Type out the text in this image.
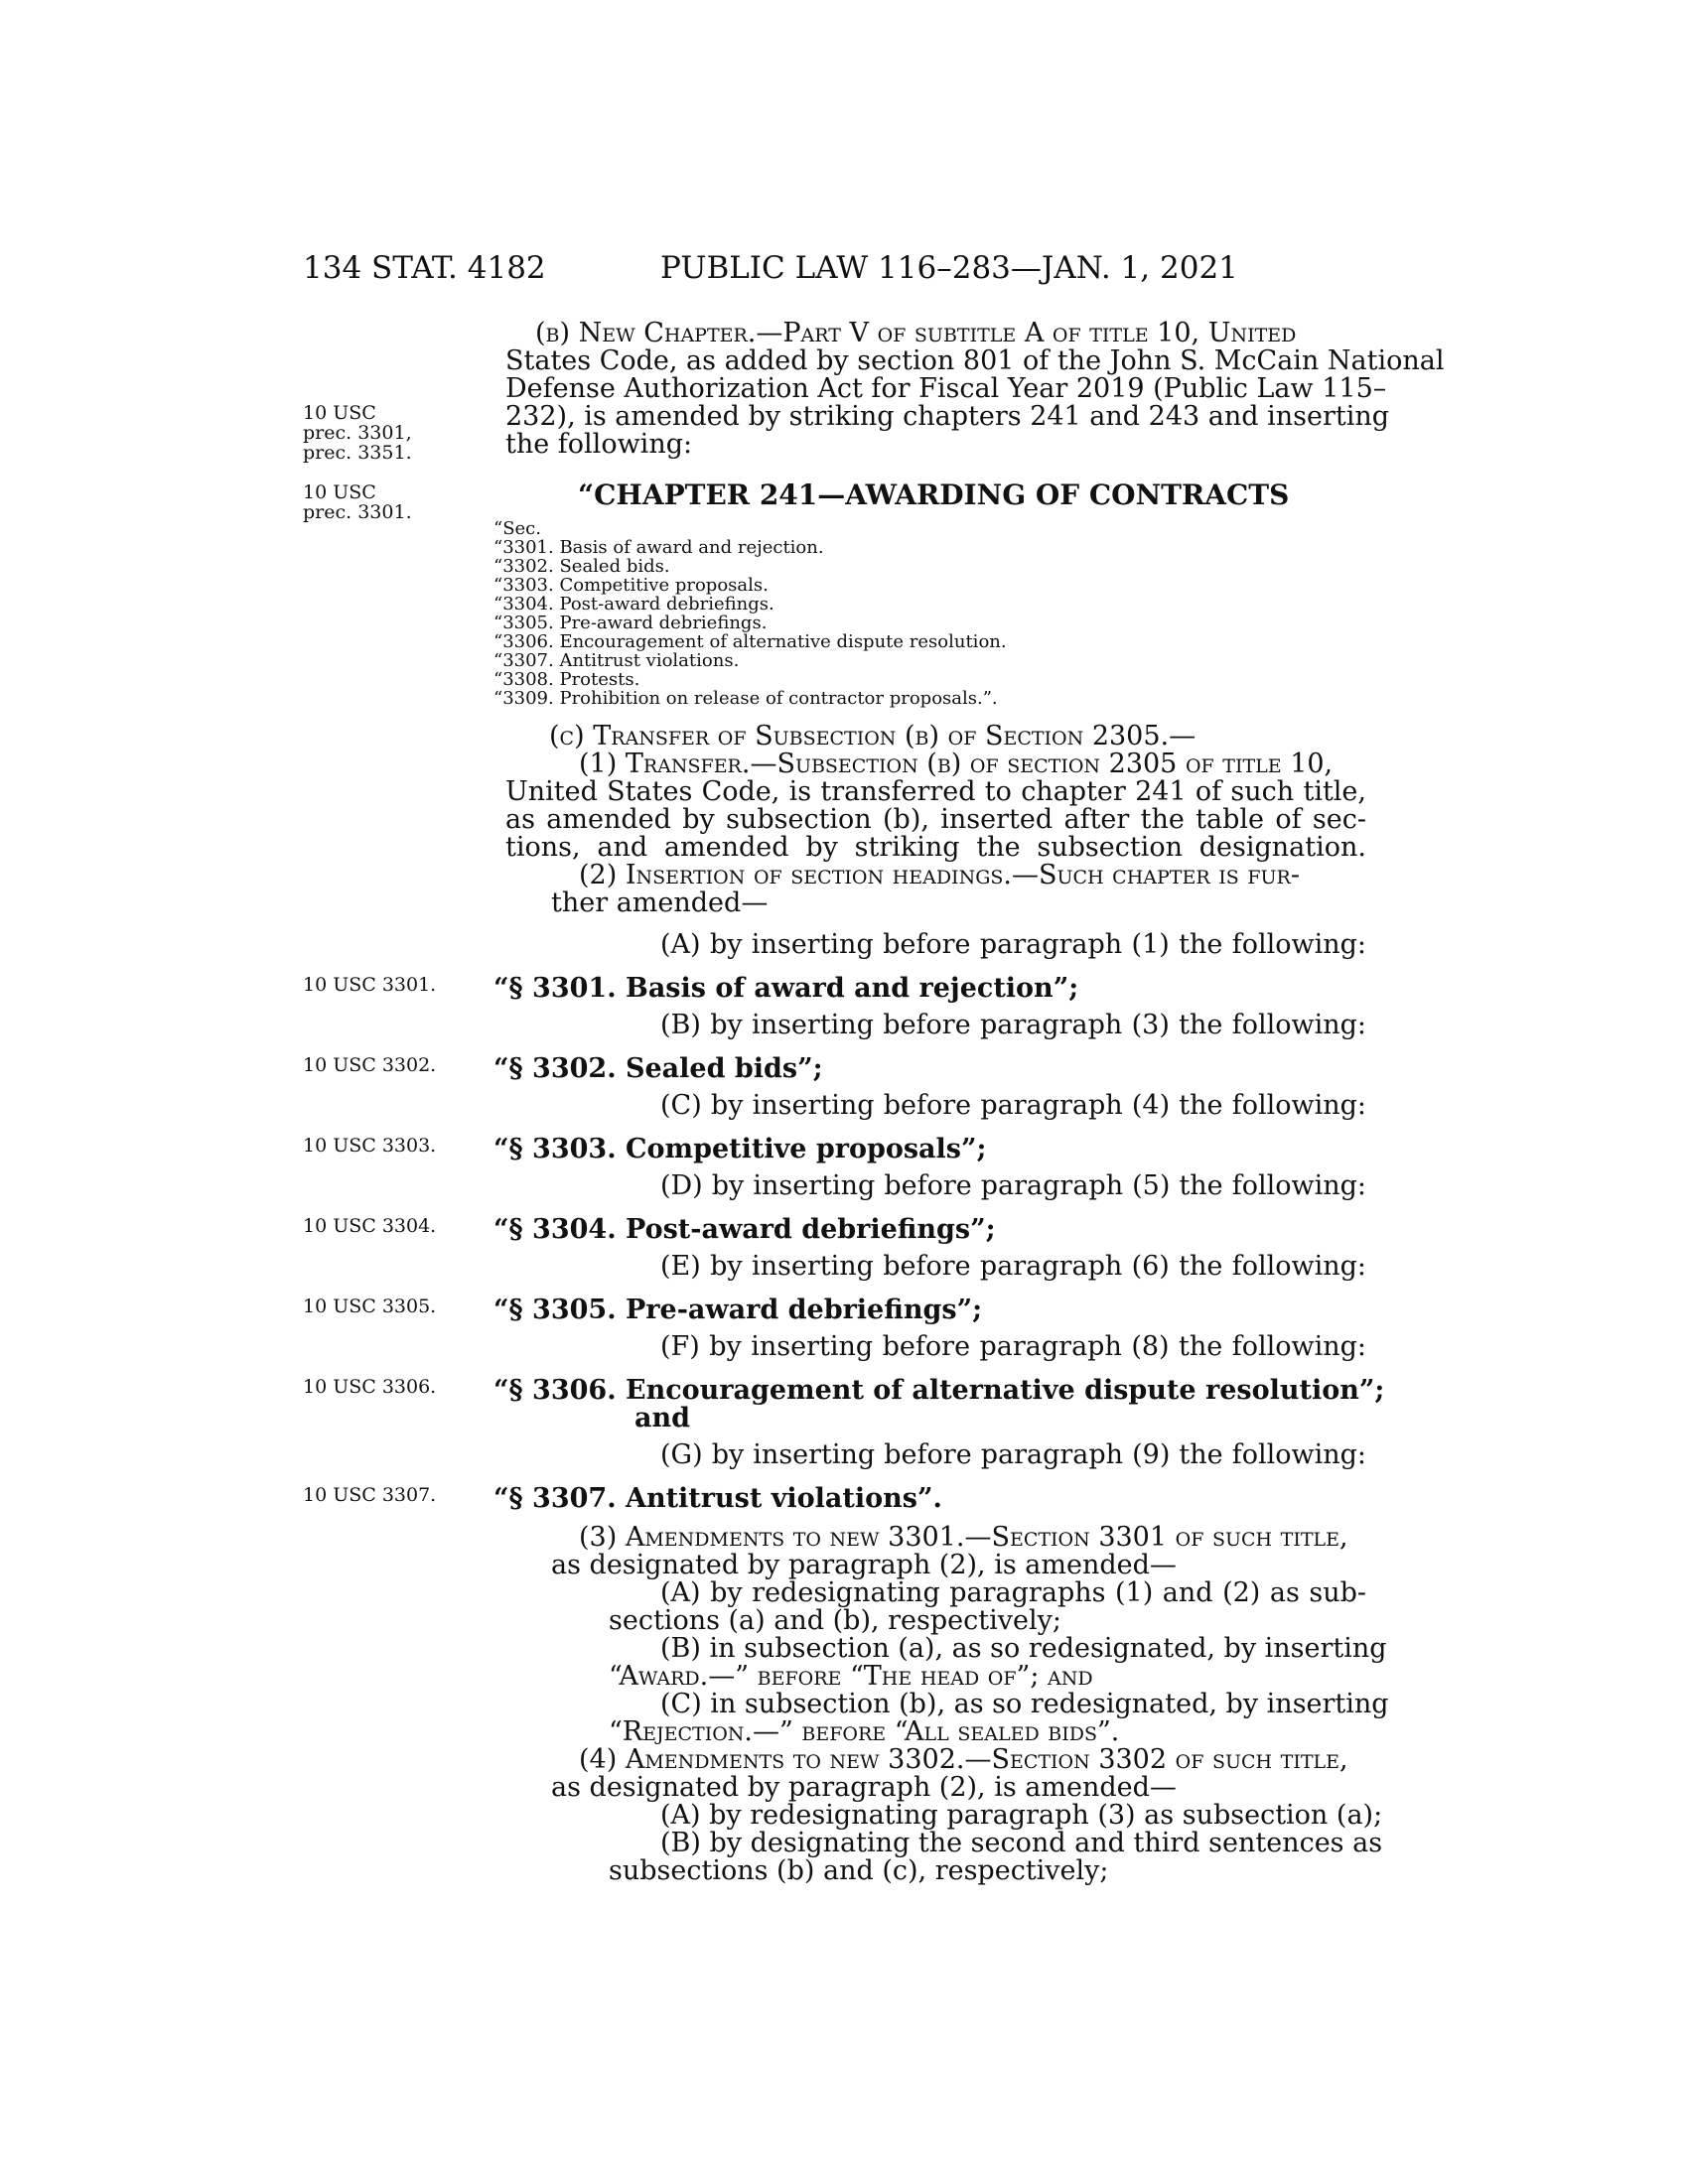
134 STAT. 4182	PUBLIC LAW 116–283—JAN. 1, 2021
10 USC
prec. 3301,
prec. 3351.
10 USC
prec. 3301.
10 USC 3301.
10 USC 3302.
10 USC 3303.
10 USC 3304.
10 USC 3305.
10 USC 3306.
10 USC 3307.
(b) New Chapter.—Part V of subtitle A of title 10, United
States Code, as added by section 801 of the John S. McCain National
Defense Authorization Act for Fiscal Year 2019 (Public Law 115–
232), is amended by striking chapters 241 and 243 and inserting
the following:
“CHAPTER 241—AWARDING OF CONTRACTS
“Sec.
“3301. Basis of award and rejection.
“3302. Sealed bids.
“3303. Competitive proposals.
“3304. Post-award debriefings.
“3305. Pre-award debriefings.
“3306. Encouragement of alternative dispute resolution.
“3307. Antitrust violations.
“3308. Protests.
“3309. Prohibition on release of contractor proposals.”.
(c) Transfer of Subsection (b) of Section 2305.—
(1) Transfer.—Subsection (b) of section 2305 of title 10,
United States Code, is transferred to chapter 241 of such title,
as amended by subsection (b), inserted after the table of sec-
tions, and amended by striking the subsection designation.
(2) Insertion of section headings.—Such chapter is fur-
ther amended—
(A) by inserting before paragraph (1) the following:
“§ 3301. Basis of award and rejection”;
(B) by inserting before paragraph (3) the following:
“§ 3302. Sealed bids”;
(C) by inserting before paragraph (4) the following:
“§ 3303. Competitive proposals”;
(D) by inserting before paragraph (5) the following:
“§ 3304. Post-award debriefings”;
(E) by inserting before paragraph (6) the following:
“§ 3305. Pre-award debriefings”;
(F) by inserting before paragraph (8) the following:
“§ 3306. Encouragement of alternative dispute resolution”;
and
(G) by inserting before paragraph (9) the following:
“§ 3307. Antitrust violations”.
(3) Amendments to new 3301.—Section 3301 of such title,
as designated by paragraph (2), is amended—
(A) by redesignating paragraphs (1) and (2) as sub-
sections (a) and (b), respectively;
(B) in subsection (a), as so redesignated, by inserting
“Award.—” before “The head of”; and
(C) in subsection (b), as so redesignated, by inserting
“Rejection.—” before “All sealed bids”.
(4) Amendments to new 3302.—Section 3302 of such title,
as designated by paragraph (2), is amended—
(A) by redesignating paragraph (3) as subsection (a);
(B) by designating the second and third sentences as
subsections (b) and (c), respectively;
